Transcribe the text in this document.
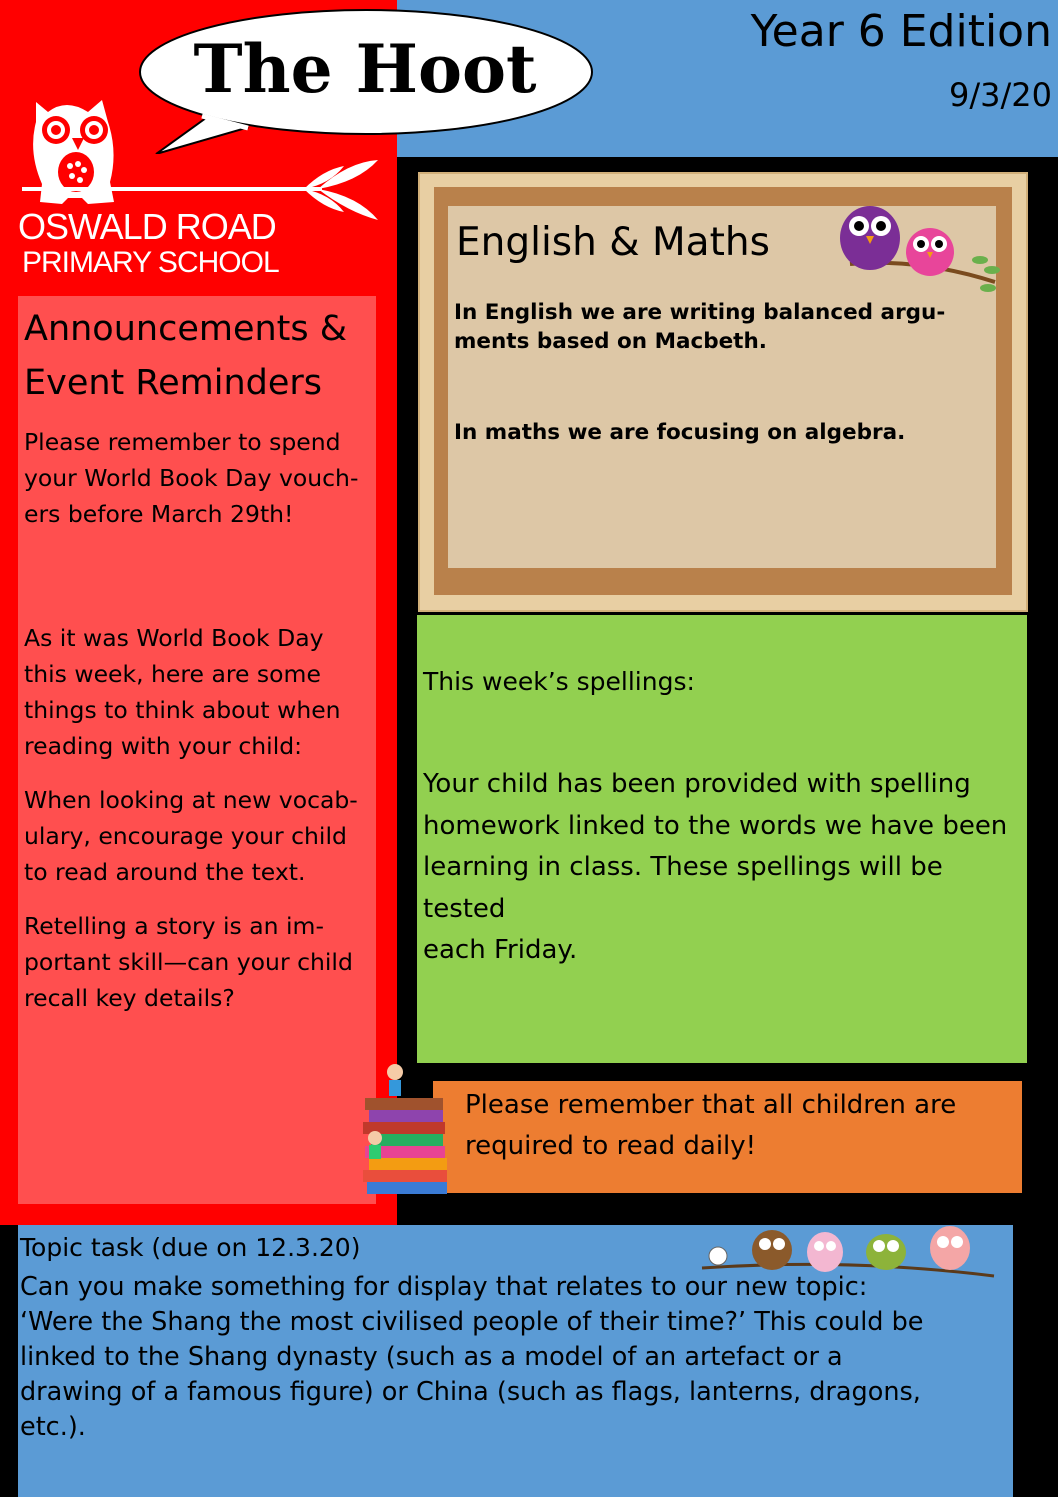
Year 6 Edition
9/3/20
The Hoot
OSWALD ROAD
PRIMARY SCHOOL
Announcements &
Event Reminders

Please remember to spend
your World Book Day vouch-
ers before March 29th!

As it was World Book Day
this week, here are some
things to think about when
reading with your child:

When looking at new vocab-
ulary, encourage your child
to read around the text.

Retelling a story is an im-
portant skill—can your child
recall key details?

English & Maths
In English we are writing balanced argu-
ments based on Macbeth.
In maths we are focusing on algebra.

This week’s spellings:

Your child has been provided with spelling
homework linked to the words we have been
learning in class. These spellings will be tested
each Friday.

Please remember that all children are
required to read daily!

Topic task (due on 12.3.20)

Can you make something for display that relates to our new topic:
‘Were the Shang the most civilised people of their time?’ This could be
linked to the Shang dynasty (such as a model of an artefact or a
drawing of a famous figure) or China (such as flags, lanterns, dragons,
etc.).
